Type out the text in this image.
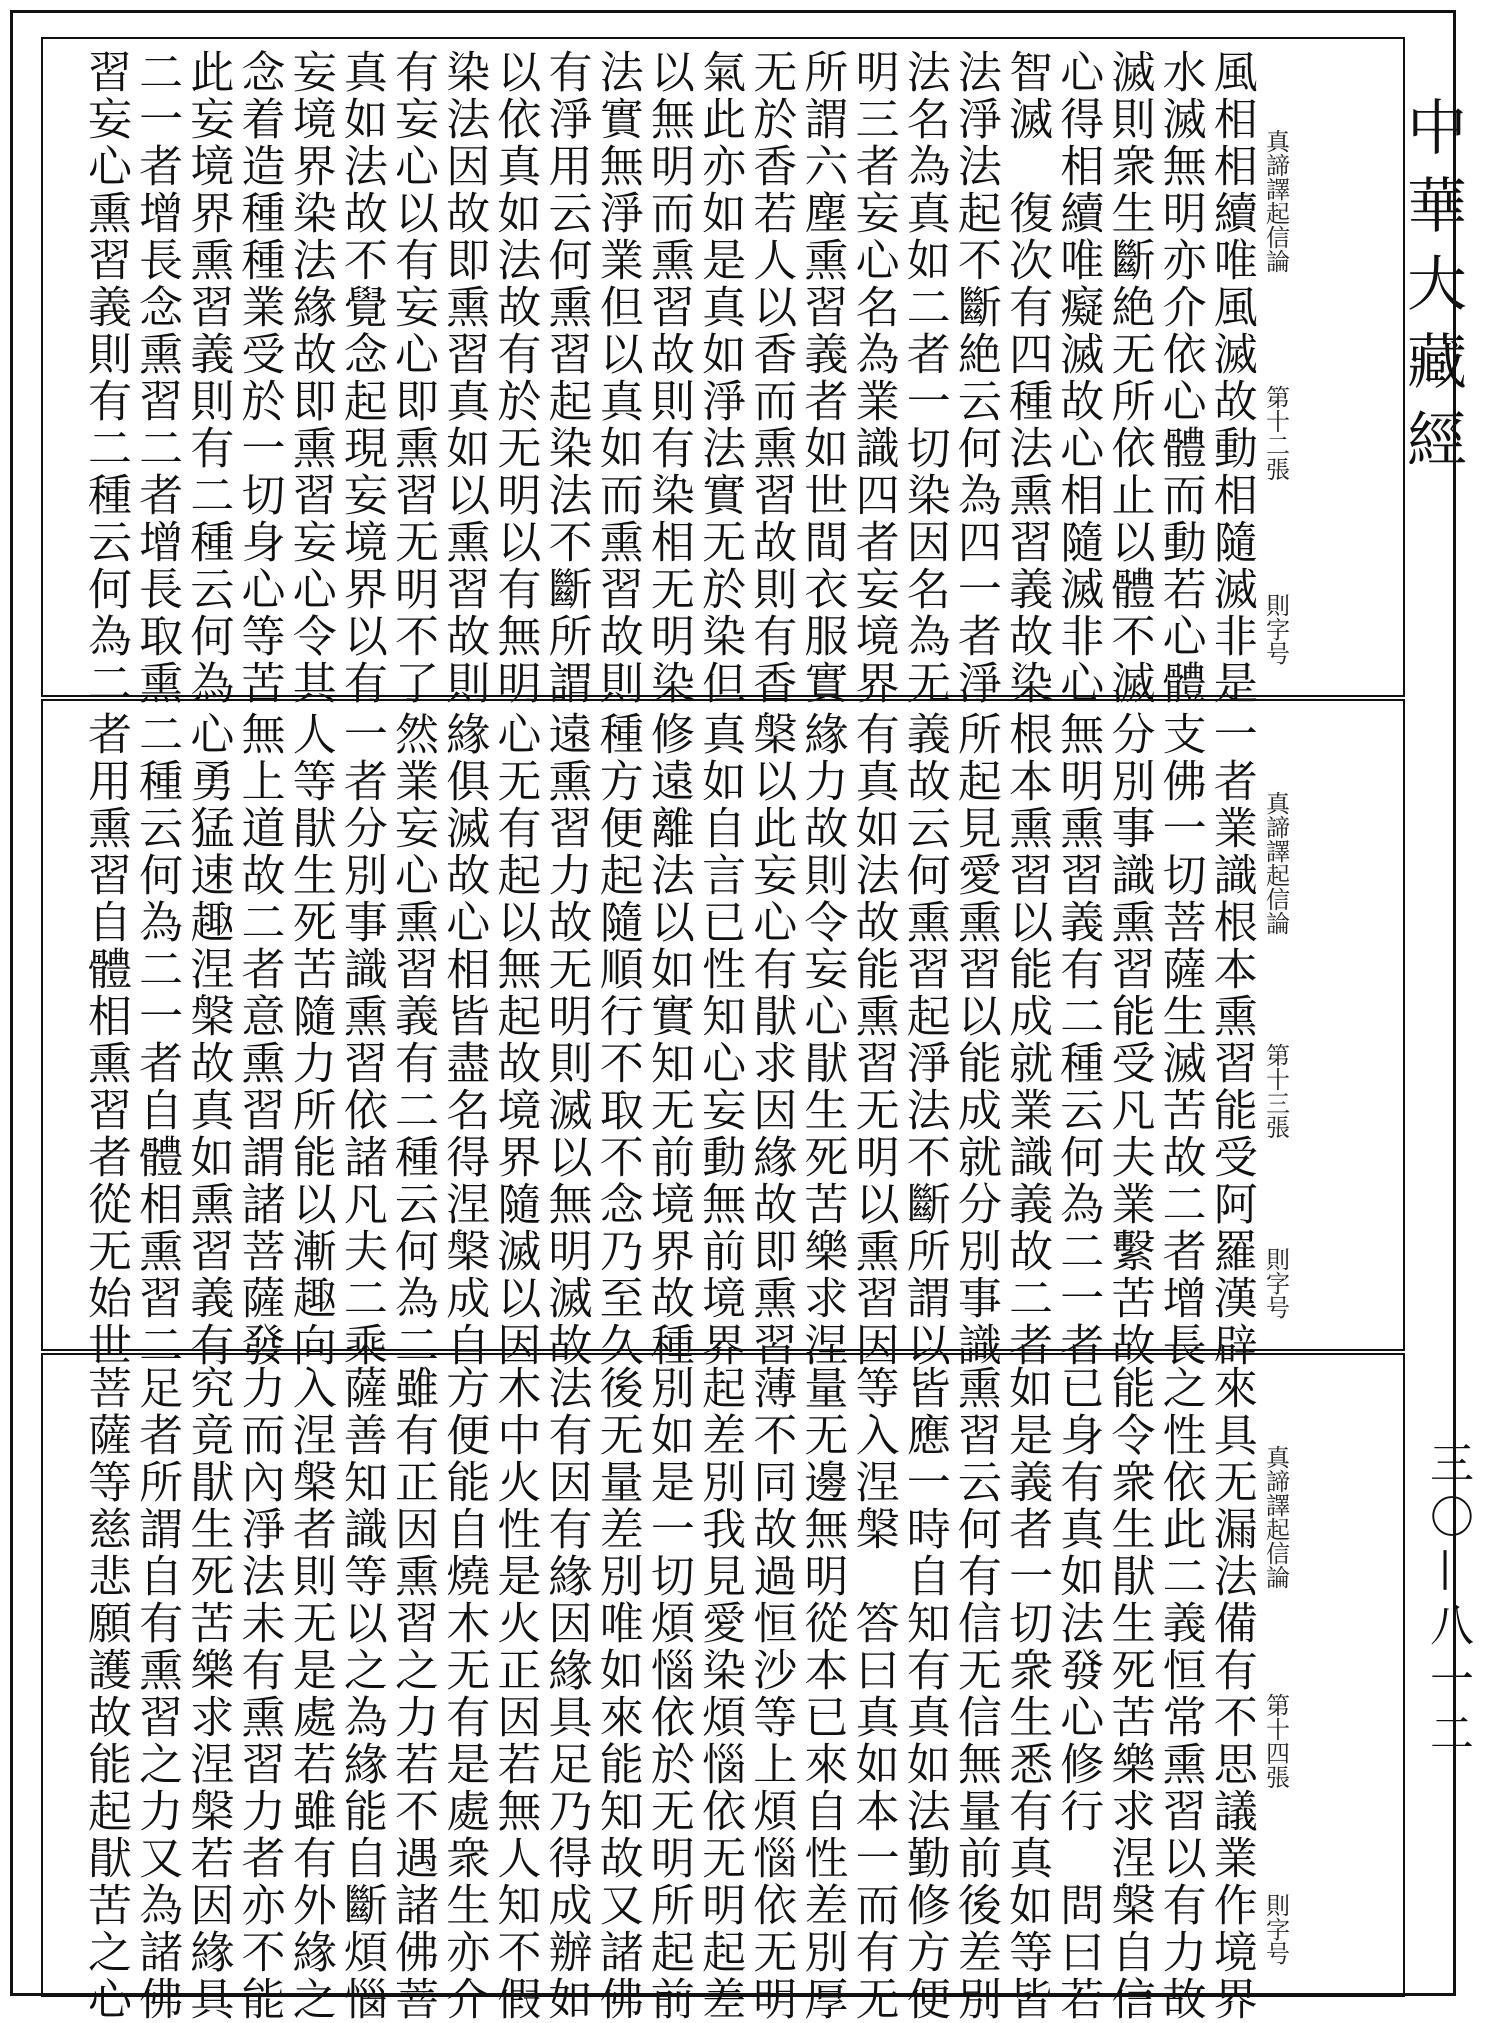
真諦譯起信論
第十二張
則字号
風相相續唯風滅故動相隨滅非是
水滅無明亦介依心體而動若心體
滅則衆生斷絶无所依止以體不滅
心得相續唯癡滅故心相隨滅非心
智滅　復次有四種法熏習義故染
法淨法起不斷絶云何為四一者淨
法名為真如二者一切染因名為无
明三者妄心名為業識四者妄境界
所謂六塵熏習義者如世間衣服實
无於香若人以香而熏習故則有香
氣此亦如是真如淨法實无於染但
以無明而熏習故則有染相无明染
法實無淨業但以真如而熏習故則
有淨用云何熏習起染法不斷所謂
以依真如法故有於无明以有無明
染法因故即熏習真如以熏習故則
有妄心以有妄心即熏習无明不了
真如法故不覺念起現妄境界以有
妄境界染法緣故即熏習妄心令其
念着造種種業受於一切身心等苦
此妄境界熏習義則有二種云何為
二一者增長念熏習二者增長取熏
習妄心熏習義則有二種云何為二
真諦譯起信論
第十三張
則字号
一者業識根本熏習能受阿羅漢辟
支佛一切菩薩生滅苦故二者增長
分別事識熏習能受凡夫業繫苦故
無明熏習義有二種云何為二一者
根本熏習以能成就業識義故二者
所起見愛熏習以能成就分別事識
義故云何熏習起淨法不斷所謂以
有真如法故能熏習无明以熏習因
緣力故則令妄心猒生死苦樂求涅
槃以此妄心有猒求因緣故即熏習
真如自言已性知心妄動無前境界
修遠離法以如實知无前境界故種
種方便起隨順行不取不念乃至久
遠熏習力故无明則滅以無明滅故
心无有起以無起故境界隨滅以因
緣俱滅故心相皆盡名得涅槃成自
然業妄心熏習義有二種云何為二
一者分別事識熏習依諸凡夫二乘
人等猒生死苦隨力所能以漸趣向
無上道故二者意熏習謂諸菩薩發
心勇猛速趣涅槃故真如熏習義有
二種云何為二一者自體相熏習二
者用熏習自體相熏習者從无始世
真諦譯起信論
第十四張
則字号
來具无漏法備有不思議業作境界
之性依此二義恒常熏習以有力故
能令衆生猒生死苦樂求涅槃自信
已身有真如法發心修行　問曰若
如是義者一切衆生悉有真如等皆
熏習云何有信无信無量前後差別
皆應一時自知有真如法勤修方便
等入涅槃　答曰真如本一而有无
量无邊無明從本已來自性差別厚
薄不同故過恒沙等上煩惱依无明
起差別我見愛染煩惱依无明起差
別如是一切煩惱依於无明所起前
後无量差別唯如來能知故又諸佛
法有因有緣因緣具足乃得成辦如
木中火性是火正因若無人知不假
方便能自燒木无有是處衆生亦介
雖有正因熏習之力若不遇諸佛菩
薩善知識等以之為緣能自斷煩惱
入涅槃者則无是處若雖有外緣之
力而內淨法未有熏習力者亦不能
究竟猒生死苦樂求涅槃若因緣具
足者所謂自有熏習之力又為諸佛
菩薩等慈悲願護故能起猒苦之心
中華大藏經
三〇—八一二
